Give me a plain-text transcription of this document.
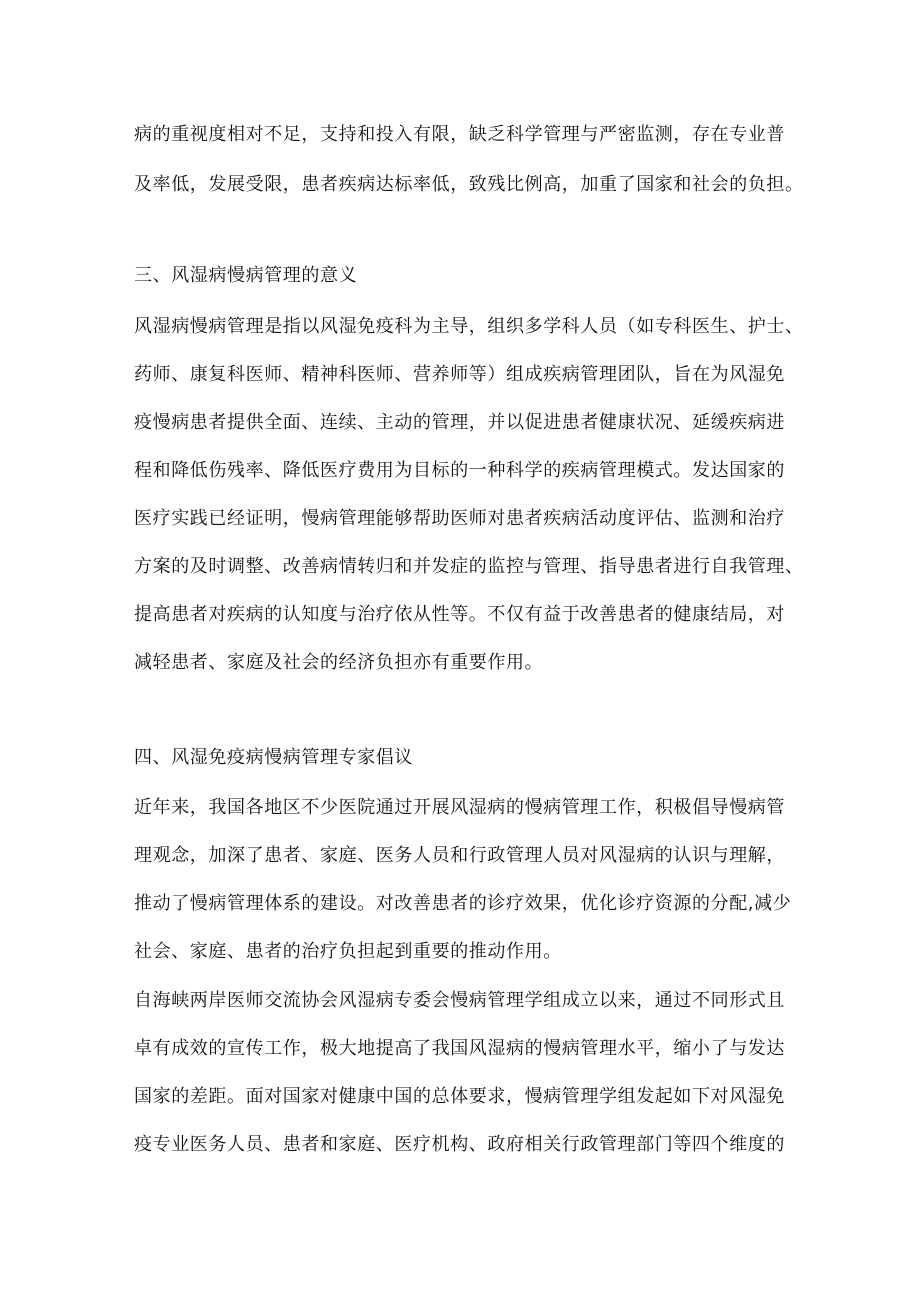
病的重视度相对不足，支持和投入有限，缺乏科学管理与严密监测，存在专业普
及率低，发展受限，患者疾病达标率低，致残比例高，加重了国家和社会的负担。
三、风湿病慢病管理的意义
风湿病慢病管理是指以风湿免疫科为主导，组织多学科人员（如专科医生、护士、
药师、康复科医师、精神科医师、营养师等）组成疾病管理团队，旨在为风湿免
疫慢病患者提供全面、连续、主动的管理，并以促进患者健康状况、延缓疾病进
程和降低伤残率、降低医疗费用为目标的一种科学的疾病管理模式。发达国家的
医疗实践已经证明，慢病管理能够帮助医师对患者疾病活动度评估、监测和治疗
方案的及时调整、改善病情转归和并发症的监控与管理、指导患者进行自我管理、
提高患者对疾病的认知度与治疗依从性等。不仅有益于改善患者的健康结局，对
减轻患者、家庭及社会的经济负担亦有重要作用。
四、风湿免疫病慢病管理专家倡议
近年来，我国各地区不少医院通过开展风湿病的慢病管理工作，积极倡导慢病管
理观念，加深了患者、家庭、医务人员和行政管理人员对风湿病的认识与理解，
推动了慢病管理体系的建设。对改善患者的诊疗效果，优化诊疗资源的分配,减少
社会、家庭、患者的治疗负担起到重要的推动作用。
自海峡两岸医师交流协会风湿病专委会慢病管理学组成立以来，通过不同形式且
卓有成效的宣传工作，极大地提高了我国风湿病的慢病管理水平，缩小了与发达
国家的差距。面对国家对健康中国的总体要求，慢病管理学组发起如下对风湿免
疫专业医务人员、患者和家庭、医疗机构、政府相关行政管理部门等四个维度的
